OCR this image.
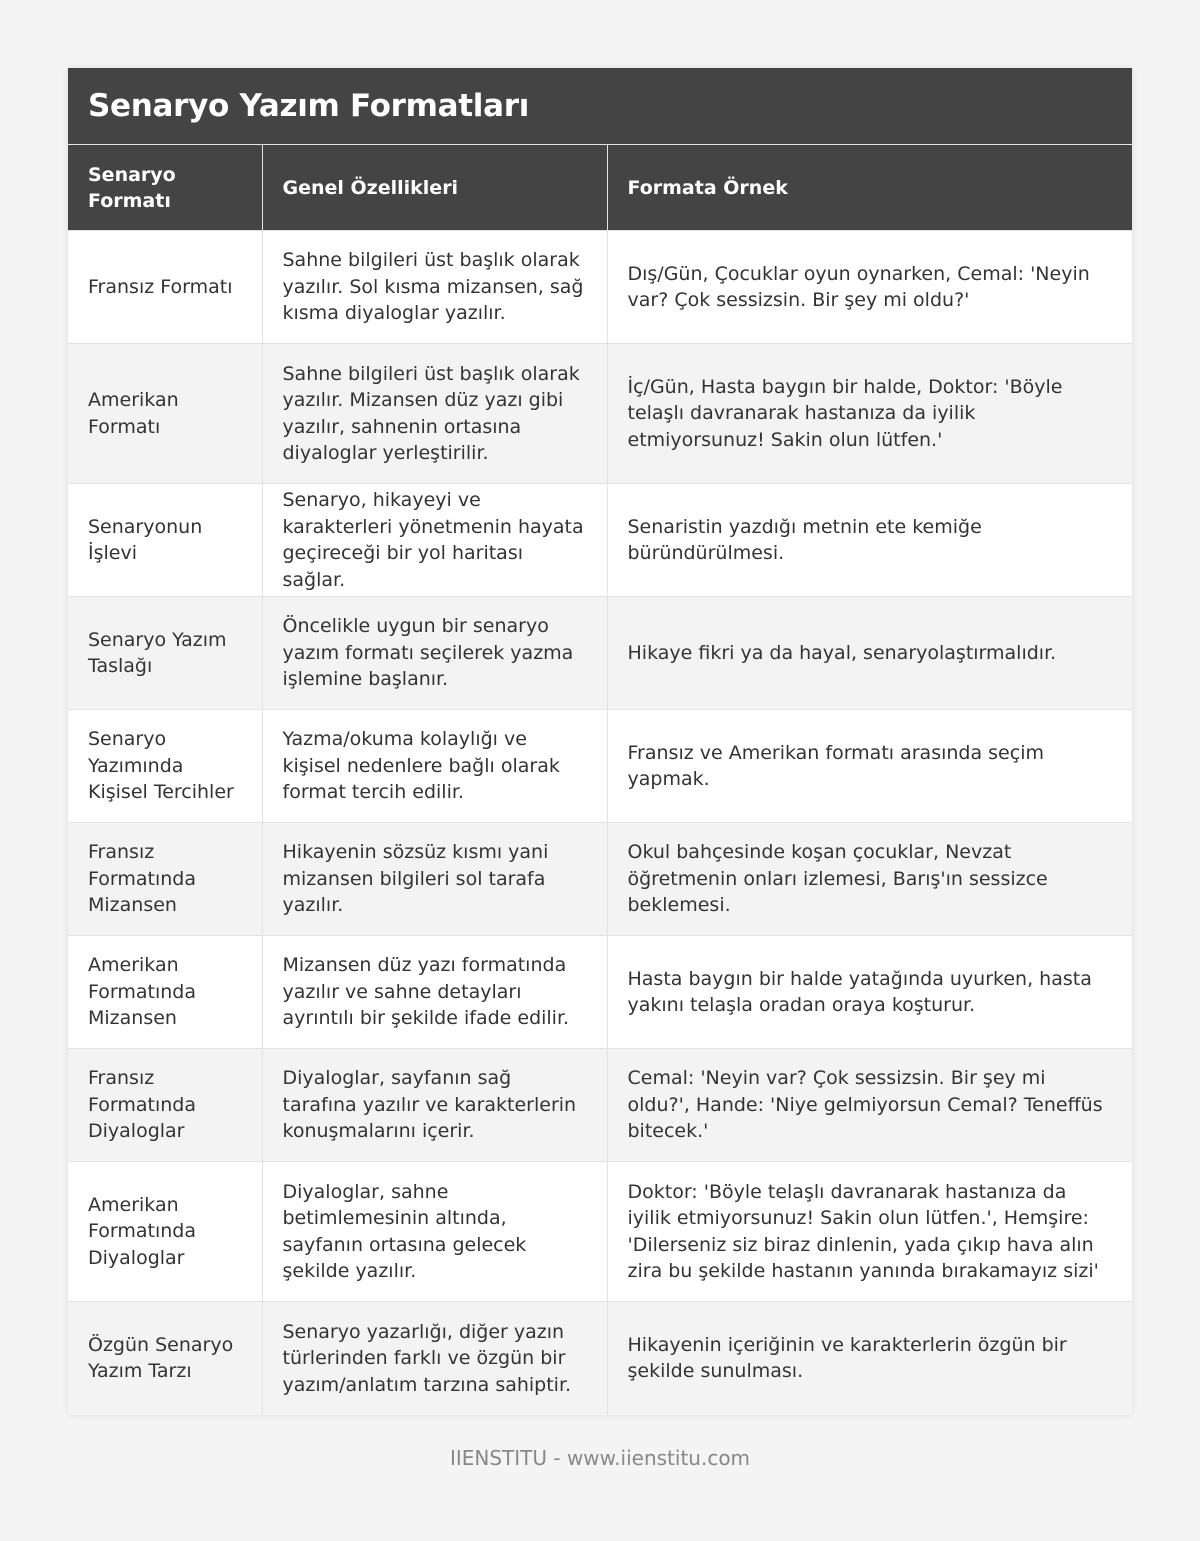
Senaryo Yazım Formatları
Senaryo Formatı	Genel Özellikleri	Formata Örnek
Fransız Formatı	Sahne bilgileri üst başlık olarak yazılır. Sol kısma mizansen, sağ kısma diyaloglar yazılır.	Dış/Gün, Çocuklar oyun oynarken, Cemal: 'Neyin var? Çok sessizsin. Bir şey mi oldu?'
Amerikan Formatı	Sahne bilgileri üst başlık olarak yazılır. Mizansen düz yazı gibi yazılır, sahnenin ortasına diyaloglar yerleştirilir.	İç/Gün, Hasta baygın bir halde, Doktor: 'Böyle telaşlı davranarak hastanıza da iyilik etmiyorsunuz! Sakin olun lütfen.'
Senaryonun İşlevi	Senaryo, hikayeyi ve karakterleri yönetmenin hayata geçireceği bir yol haritası sağlar.	Senaristin yazdığı metnin ete kemiğe büründürülmesi.
Senaryo Yazım Taslağı	Öncelikle uygun bir senaryo yazım formatı seçilerek yazma işlemine başlanır.	Hikaye fikri ya da hayal, senaryolaştırmalıdır.
Senaryo Yazımında Kişisel Tercihler	Yazma/okuma kolaylığı ve kişisel nedenlere bağlı olarak format tercih edilir.	Fransız ve Amerikan formatı arasında seçim yapmak.
Fransız Formatında Mizansen	Hikayenin sözsüz kısmı yani mizansen bilgileri sol tarafa yazılır.	Okul bahçesinde koşan çocuklar, Nevzat öğretmenin onları izlemesi, Barış'ın sessizce beklemesi.
Amerikan Formatında Mizansen	Mizansen düz yazı formatında yazılır ve sahne detayları ayrıntılı bir şekilde ifade edilir.	Hasta baygın bir halde yatağında uyurken, hasta yakını telaşla oradan oraya koşturur.
Fransız Formatında Diyaloglar	Diyaloglar, sayfanın sağ tarafına yazılır ve karakterlerin konuşmalarını içerir.	Cemal: 'Neyin var? Çok sessizsin. Bir şey mi oldu?', Hande: 'Niye gelmiyorsun Cemal? Teneffüs bitecek.'
Amerikan Formatında Diyaloglar	Diyaloglar, sahne betimlemesinin altında, sayfanın ortasına gelecek şekilde yazılır.	Doktor: 'Böyle telaşlı davranarak hastanıza da iyilik etmiyorsunuz! Sakin olun lütfen.', Hemşire: 'Dilerseniz siz biraz dinlenin, yada çıkıp hava alın zira bu şekilde hastanın yanında bırakamayız sizi'
Özgün Senaryo Yazım Tarzı	Senaryo yazarlığı, diğer yazın türlerinden farklı ve özgün bir yazım/anlatım tarzına sahiptir.	Hikayenin içeriğinin ve karakterlerin özgün bir şekilde sunulması.
IIENSTITU - www.iienstitu.com
